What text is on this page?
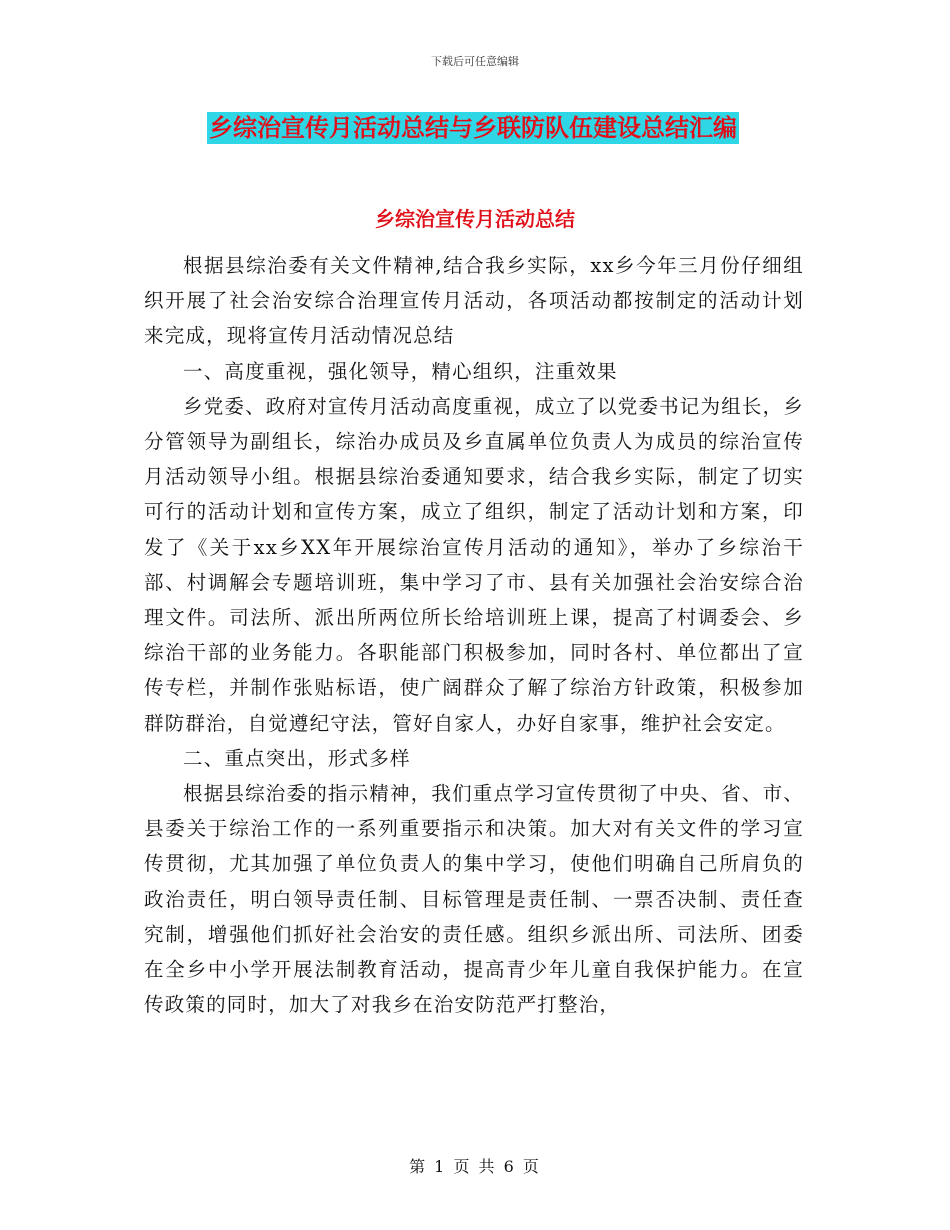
下载后可任意编辑
乡综治宣传月活动总结与乡联防队伍建设总结汇编
乡综治宣传月活动总结

根据县综治委有关文件精神,结合我乡实际，xx乡今年三月份仔细组织开展了社会治安综合治理宣传月活动，各项活动都按制定的活动计划来完成，现将宣传月活动情况总结

一、高度重视，强化领导，精心组织，注重效果

乡党委、政府对宣传月活动高度重视，成立了以党委书记为组长，乡分管领导为副组长，综治办成员及乡直属单位负责人为成员的综治宣传月活动领导小组。根据县综治委通知要求，结合我乡实际，制定了切实可行的活动计划和宣传方案，成立了组织，制定了活动计划和方案，印发了《关于xx乡XX年开展综治宣传月活动的通知》，举办了乡综治干部、村调解会专题培训班，集中学习了市、县有关加强社会治安综合治理文件。司法所、派出所两位所长给培训班上课，提高了村调委会、乡综治干部的业务能力。各职能部门积极参加，同时各村、单位都出了宣传专栏，并制作张贴标语，使广阔群众了解了综治方针政策，积极参加群防群治，自觉遵纪守法，管好自家人，办好自家事，维护社会安定。

二、重点突出，形式多样

根据县综治委的指示精神，我们重点学习宣传贯彻了中央、省、市、县委关于综治工作的一系列重要指示和决策。加大对有关文件的学习宣传贯彻，尤其加强了单位负责人的集中学习，使他们明确自己所肩负的政治责任，明白领导责任制、目标管理是责任制、一票否决制、责任查究制，增强他们抓好社会治安的责任感。组织乡派出所、司法所、团委在全乡中小学开展法制教育活动，提高青少年儿童自我保护能力。在宣传政策的同时，加大了对我乡在治安防范严打整治，

第 1 页 共 6 页
